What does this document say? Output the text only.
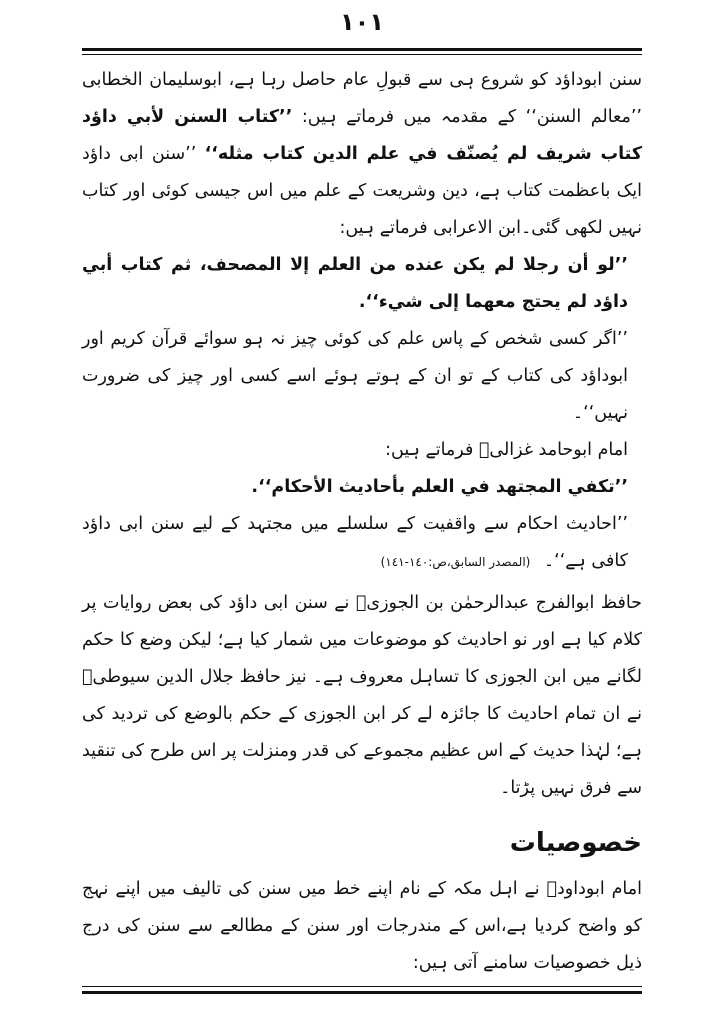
١٠١

سنن ابوداؤد کو شروع ہی سے قبولِ عام حاصل رہا ہے، ابوسلیمان الخطابی ’’معالم السنن‘‘ کے مقدمہ میں فرماتے ہیں: ’’كتاب السنن لأبي داؤد كتاب شريف لم يُصنّف في علم الدين كتاب مثله‘‘ ’’سنن ابی داؤد ایک باعظمت کتاب ہے، دین وشریعت کے علم میں اس جیسی کوئی اور کتاب نہیں لکھی گئی۔ابن الاعرابی فرماتے ہیں:

’’لو أن رجلا لم يكن عنده من العلم إلا المصحف، ثم كتاب أبي داؤد لم يحتج معهما إلى شيء‘‘.

’’اگر کسی شخص کے پاس علم کی کوئی چیز نہ ہو سوائے قرآن کریم اور ابوداؤد کی کتاب کے تو ان کے ہوتے ہوئے اسے کسی اور چیز کی ضرورت نہیں‘‘۔

امام ابوحامد غزالیؒ فرماتے ہیں:

’’تكفي المجتهد في العلم بأحاديث الأحكام‘‘.

’’احادیث احکام سے واقفیت کے سلسلے میں مجتہد کے لیے سنن ابی داؤد کافی ہے‘‘۔ (المصدر السابق،ص:١٤٠-١٤١)

حافظ ابوالفرج عبدالرحمٰن بن الجوزیؒ نے سنن ابی داؤد کی بعض روایات پر کلام کیا ہے اور نو احادیث کو موضوعات میں شمار کیا ہے؛ لیکن وضع کا حکم لگانے میں ابن الجوزی کا تساہل معروف ہے۔ نیز حافظ جلال الدین سیوطیؒ نے ان تمام احادیث کا جائزہ لے کر ابن الجوزی کے حکم بالوضع کی تردید کی ہے؛ لہٰذا حدیث کے اس عظیم مجموعے کی قدر ومنزلت پر اس طرح کی تنقید سے فرق نہیں پڑتا۔

خصوصیات

امام ابوداودؒ نے اہل مکہ کے نام اپنے خط میں سنن کی تالیف میں اپنے نہج کو واضح کردیا ہے،اس کے مندرجات اور سنن کے مطالعے سے سنن کی درج ذیل خصوصیات سامنے آتی ہیں:
